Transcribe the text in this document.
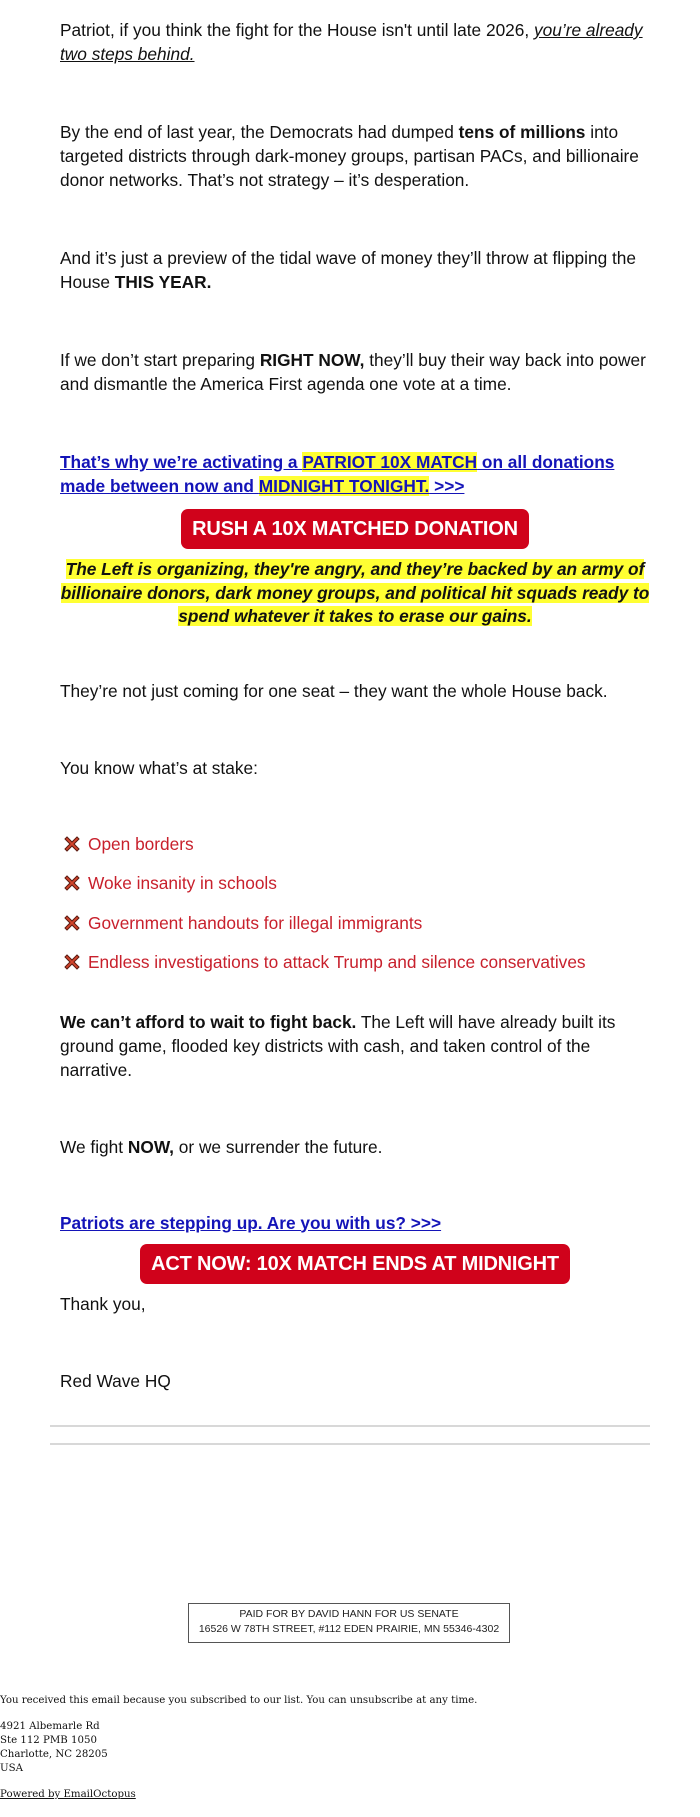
Patriot, if you think the fight for the House isn't until late 2026, you’re already two steps behind.

By the end of last year, the Democrats had dumped tens of millions into targeted districts through dark-money groups, partisan PACs, and billionaire donor networks. That’s not strategy – it’s desperation.

And it’s just a preview of the tidal wave of money they’ll throw at flipping the House THIS YEAR.

If we don’t start preparing RIGHT NOW, they’ll buy their way back into power and dismantle the America First agenda one vote at a time.

That’s why we’re activating a PATRIOT 10X MATCH on all donations made between now and MIDNIGHT TONIGHT. >>>

RUSH A 10X MATCHED DONATION

The Left is organizing, they're angry, and they’re backed by an army of billionaire donors, dark money groups, and political hit squads ready to spend whatever it takes to erase our gains.

They’re not just coming for one seat – they want the whole House back.

You know what’s at stake:

Open borders
Woke insanity in schools
Government handouts for illegal immigrants
Endless investigations to attack Trump and silence conservatives

We can’t afford to wait to fight back. The Left will have already built its ground game, flooded key districts with cash, and taken control of the narrative.

We fight NOW, or we surrender the future.

Patriots are stepping up. Are you with us? >>>

ACT NOW: 10X MATCH ENDS AT MIDNIGHT

Thank you,

Red Wave HQ

PAID FOR BY DAVID HANN FOR US SENATE
16526 W 78TH STREET, #112 EDEN PRAIRIE, MN 55346-4302

You received this email because you subscribed to our list. You can unsubscribe at any time.

4921 Albemarle Rd
Ste 112 PMB 1050
Charlotte, NC 28205
USA

Powered by EmailOctopus
